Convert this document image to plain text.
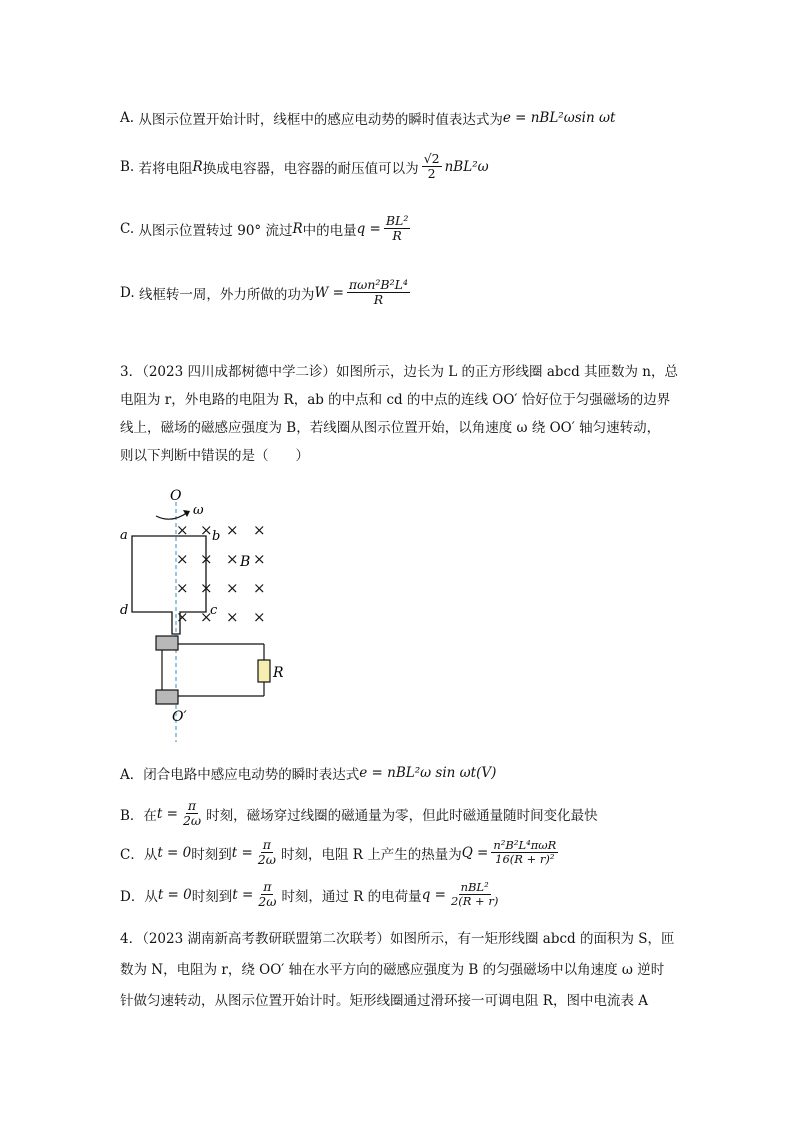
A.
从图示位置开始计时，线框中的感应电动势的瞬时值表达式为 e = nBL²ωsin ωt
B.
若将电阻 R 换成电容器，电容器的耐压值可以为 $\frac{√2}{2} nBL^2\omega$
C.
从图示位置转过 90° 流过 R 中的电量 $q = \frac{\text{BL²}}{R}$
D.
线框转一周，外力所做的功为 $W = \frac{\text{πωn²B²L⁴}}{R}$

3．（2023 四川成都树德中学二诊）如图所示，边长为 L 的正方形线圈 abcd 其匝数为 n，总

电阻为 r，外电路的电阻为 R，ab 的中点和 cd 的中点的连线 OO′ 恰好位于匀强磁场的边界

线上，磁场的磁感应强度为 B，若线圈从图示位置开始，以角速度 ω 绕 OO′ 轴匀速转动，

则以下判断中错误的是（　　）

O
ω
a	b
d	c
× × × ×
× × × ×
× × × ×
× × × ×
B
R
O′
A． 闭合电路中感应电动势的瞬时表达式 e = nBL²ω sin ωt(V)
B． 在 $t = \frac{\pi}{2\omega}$ 时刻，磁场穿过线圈的磁通量为零，但此时磁通量随时间变化最快
C． 从 t = 0 时刻到 $t = \frac{\pi}{2\omega}$ 时刻，电阻 R 上产生的热量为 $Q = \frac{\text{n²B²L⁴πωR}}{\text{16(R + r)²}}$
D． 从 t = 0 时刻到 $t = \frac{\pi}{2\omega}$ 时刻，通过 R 的电荷量 $q = \frac{\text{nBL²}}{2(R + r)}$

4．（2023 湖南新高考教研联盟第二次联考）如图所示，有一矩形线圈 abcd 的面积为 S，匝

数为 N，电阻为 r，绕 OO′ 轴在水平方向的磁感应强度为 B 的匀强磁场中以角速度 ω 逆时

针做匀速转动，从图示位置开始计时。矩形线圈通过滑环接一可调电阻 R，图中电流表 A
